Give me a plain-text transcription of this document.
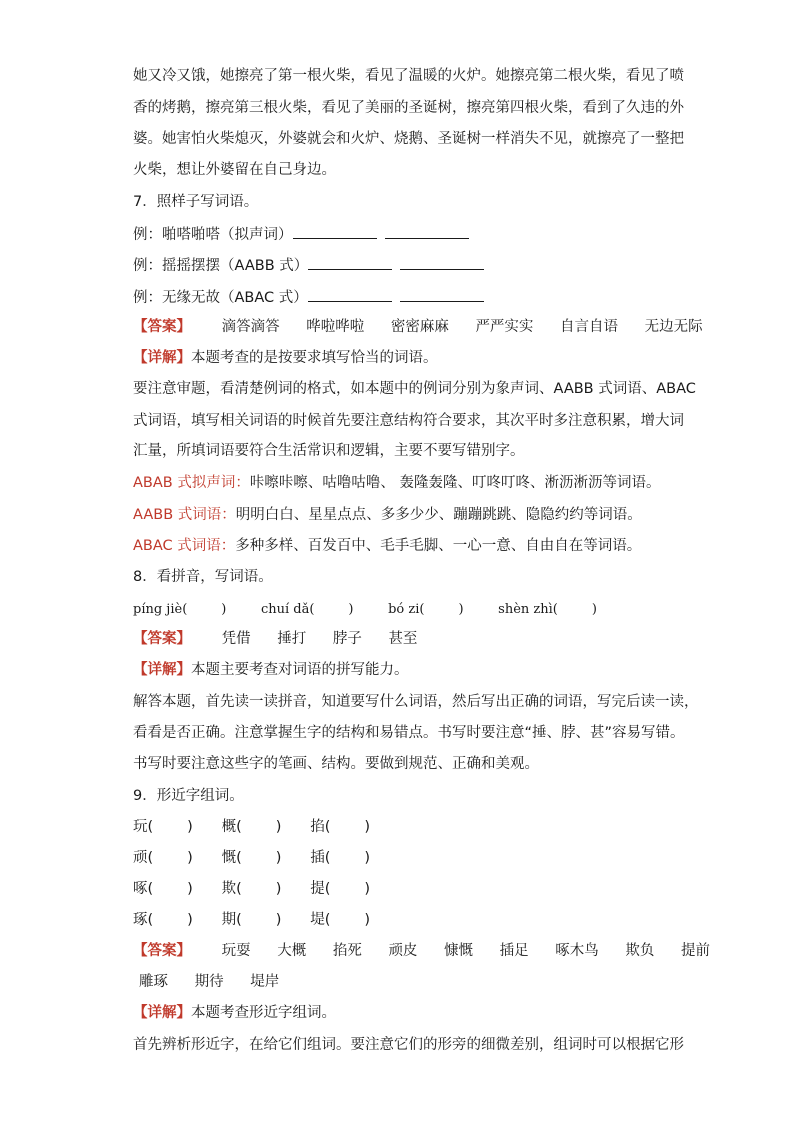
她又冷又饿，她擦亮了第一根火柴，看见了温暖的火炉。她擦亮第二根火柴，看见了喷
香的烤鹅，擦亮第三根火柴，看见了美丽的圣诞树，擦亮第四根火柴，看到了久违的外
婆。她害怕火柴熄灭，外婆就会和火炉、烧鹅、圣诞树一样消失不见，就擦亮了一整把
火柴，想让外婆留在自己身边。
7．照样子写词语。
例：啪嗒啪嗒（拟声词）
例：摇摇摆摆（AABB 式）
例：无缘无故（ABAC 式）
【答案】 滴答滴答 哗啦哗啦 密密麻麻 严严实实 自言自语 无边无际
【详解】本题考查的是按要求填写恰当的词语。
要注意审题，看清楚例词的格式，如本题中的例词分别为象声词、AABB 式词语、ABAC
式词语，填写相关词语的时候首先要注意结构符合要求，其次平时多注意积累，增大词
汇量，所填词语要符合生活常识和逻辑，主要不要写错别字。
ABAB 式拟声词：咔嚓咔嚓、咕噜咕噜、 轰隆轰隆、叮咚叮咚、淅沥淅沥等词语。
AABB 式词语：明明白白、星星点点、多多少少、蹦蹦跳跳、隐隐约约等词语。
ABAC 式词语：多种多样、百发百中、毛手毛脚、一心一意、自由自在等词语。
8．看拼音，写词语。
píng jiè(	)	chuí dǎ(	)	bó zi(	)	shèn zhì(	)
【答案】 凭借 捶打 脖子 甚至
【详解】本题主要考查对词语的拼写能力。
解答本题，首先读一读拼音，知道要写什么词语，然后写出正确的词语，写完后读一读，
看看是否正确。注意掌握生字的结构和易错点。书写时要注意“捶、脖、甚”容易写错。
书写时要注意这些字的笔画、结构。要做到规范、正确和美观。
9．形近字组词。
玩( ) 概( ) 掐( )
顽( ) 慨( ) 插( )
啄( ) 欺( ) 提( )
琢( ) 期( ) 堤( )
【答案】 玩耍 大概 掐死 顽皮 慷慨 插足 啄木鸟 欺负 提前
雕琢 期待 堤岸
【详解】本题考查形近字组词。
首先辨析形近字，在给它们组词。要注意它们的形旁的细微差别，组词时可以根据它形
